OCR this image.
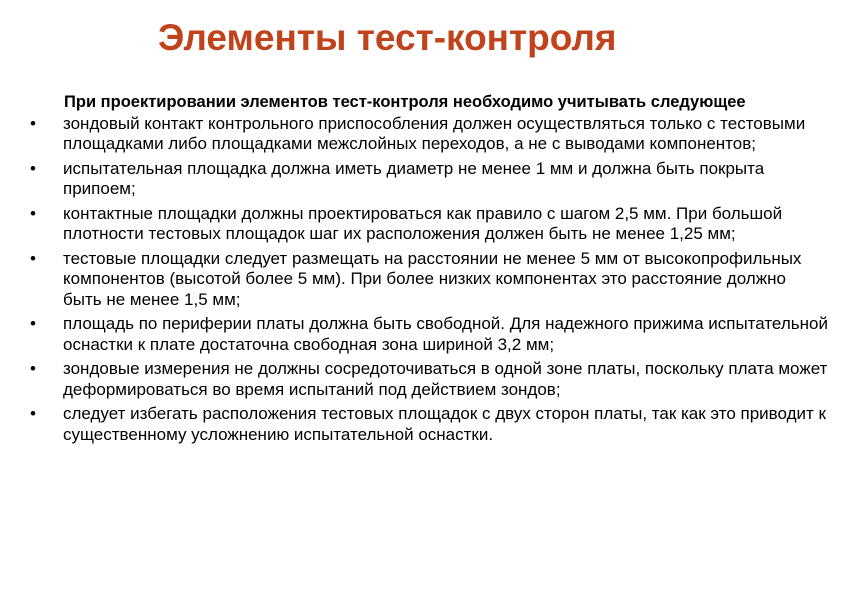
Элементы тест-контроля

При проектировании элементов тест-контроля необходимо учитывать следующее

•	зондовый контакт контрольного приспособления должен осуществляться только с тестовыми площадками либо площадками межслойных переходов, а не с выводами компонентов;
•	испытательная площадка должна иметь диаметр не менее 1 мм и должна быть покрыта припоем;
•	контактные площадки должны проектироваться как правило с шагом 2,5 мм. При большой плотности тестовых площадок шаг их расположения должен быть не менее 1,25 мм;
•	тестовые площадки следует размещать на расстоянии не менее 5 мм от высокопрофильных компонентов (высотой более 5 мм). При более низких компонентах это расстояние должно быть не менее 1,5 мм;
•	площадь по периферии платы должна быть свободной. Для надежного прижима испытательной оснастки к плате достаточна свободная зона шириной 3,2 мм;
•	зондовые измерения не должны сосредоточиваться в одной зоне платы, поскольку плата может деформироваться во время испытаний под действием зондов;
•	следует избегать расположения тестовых площадок с двух сторон платы, так как это приводит к существенному усложнению испытательной оснастки.
